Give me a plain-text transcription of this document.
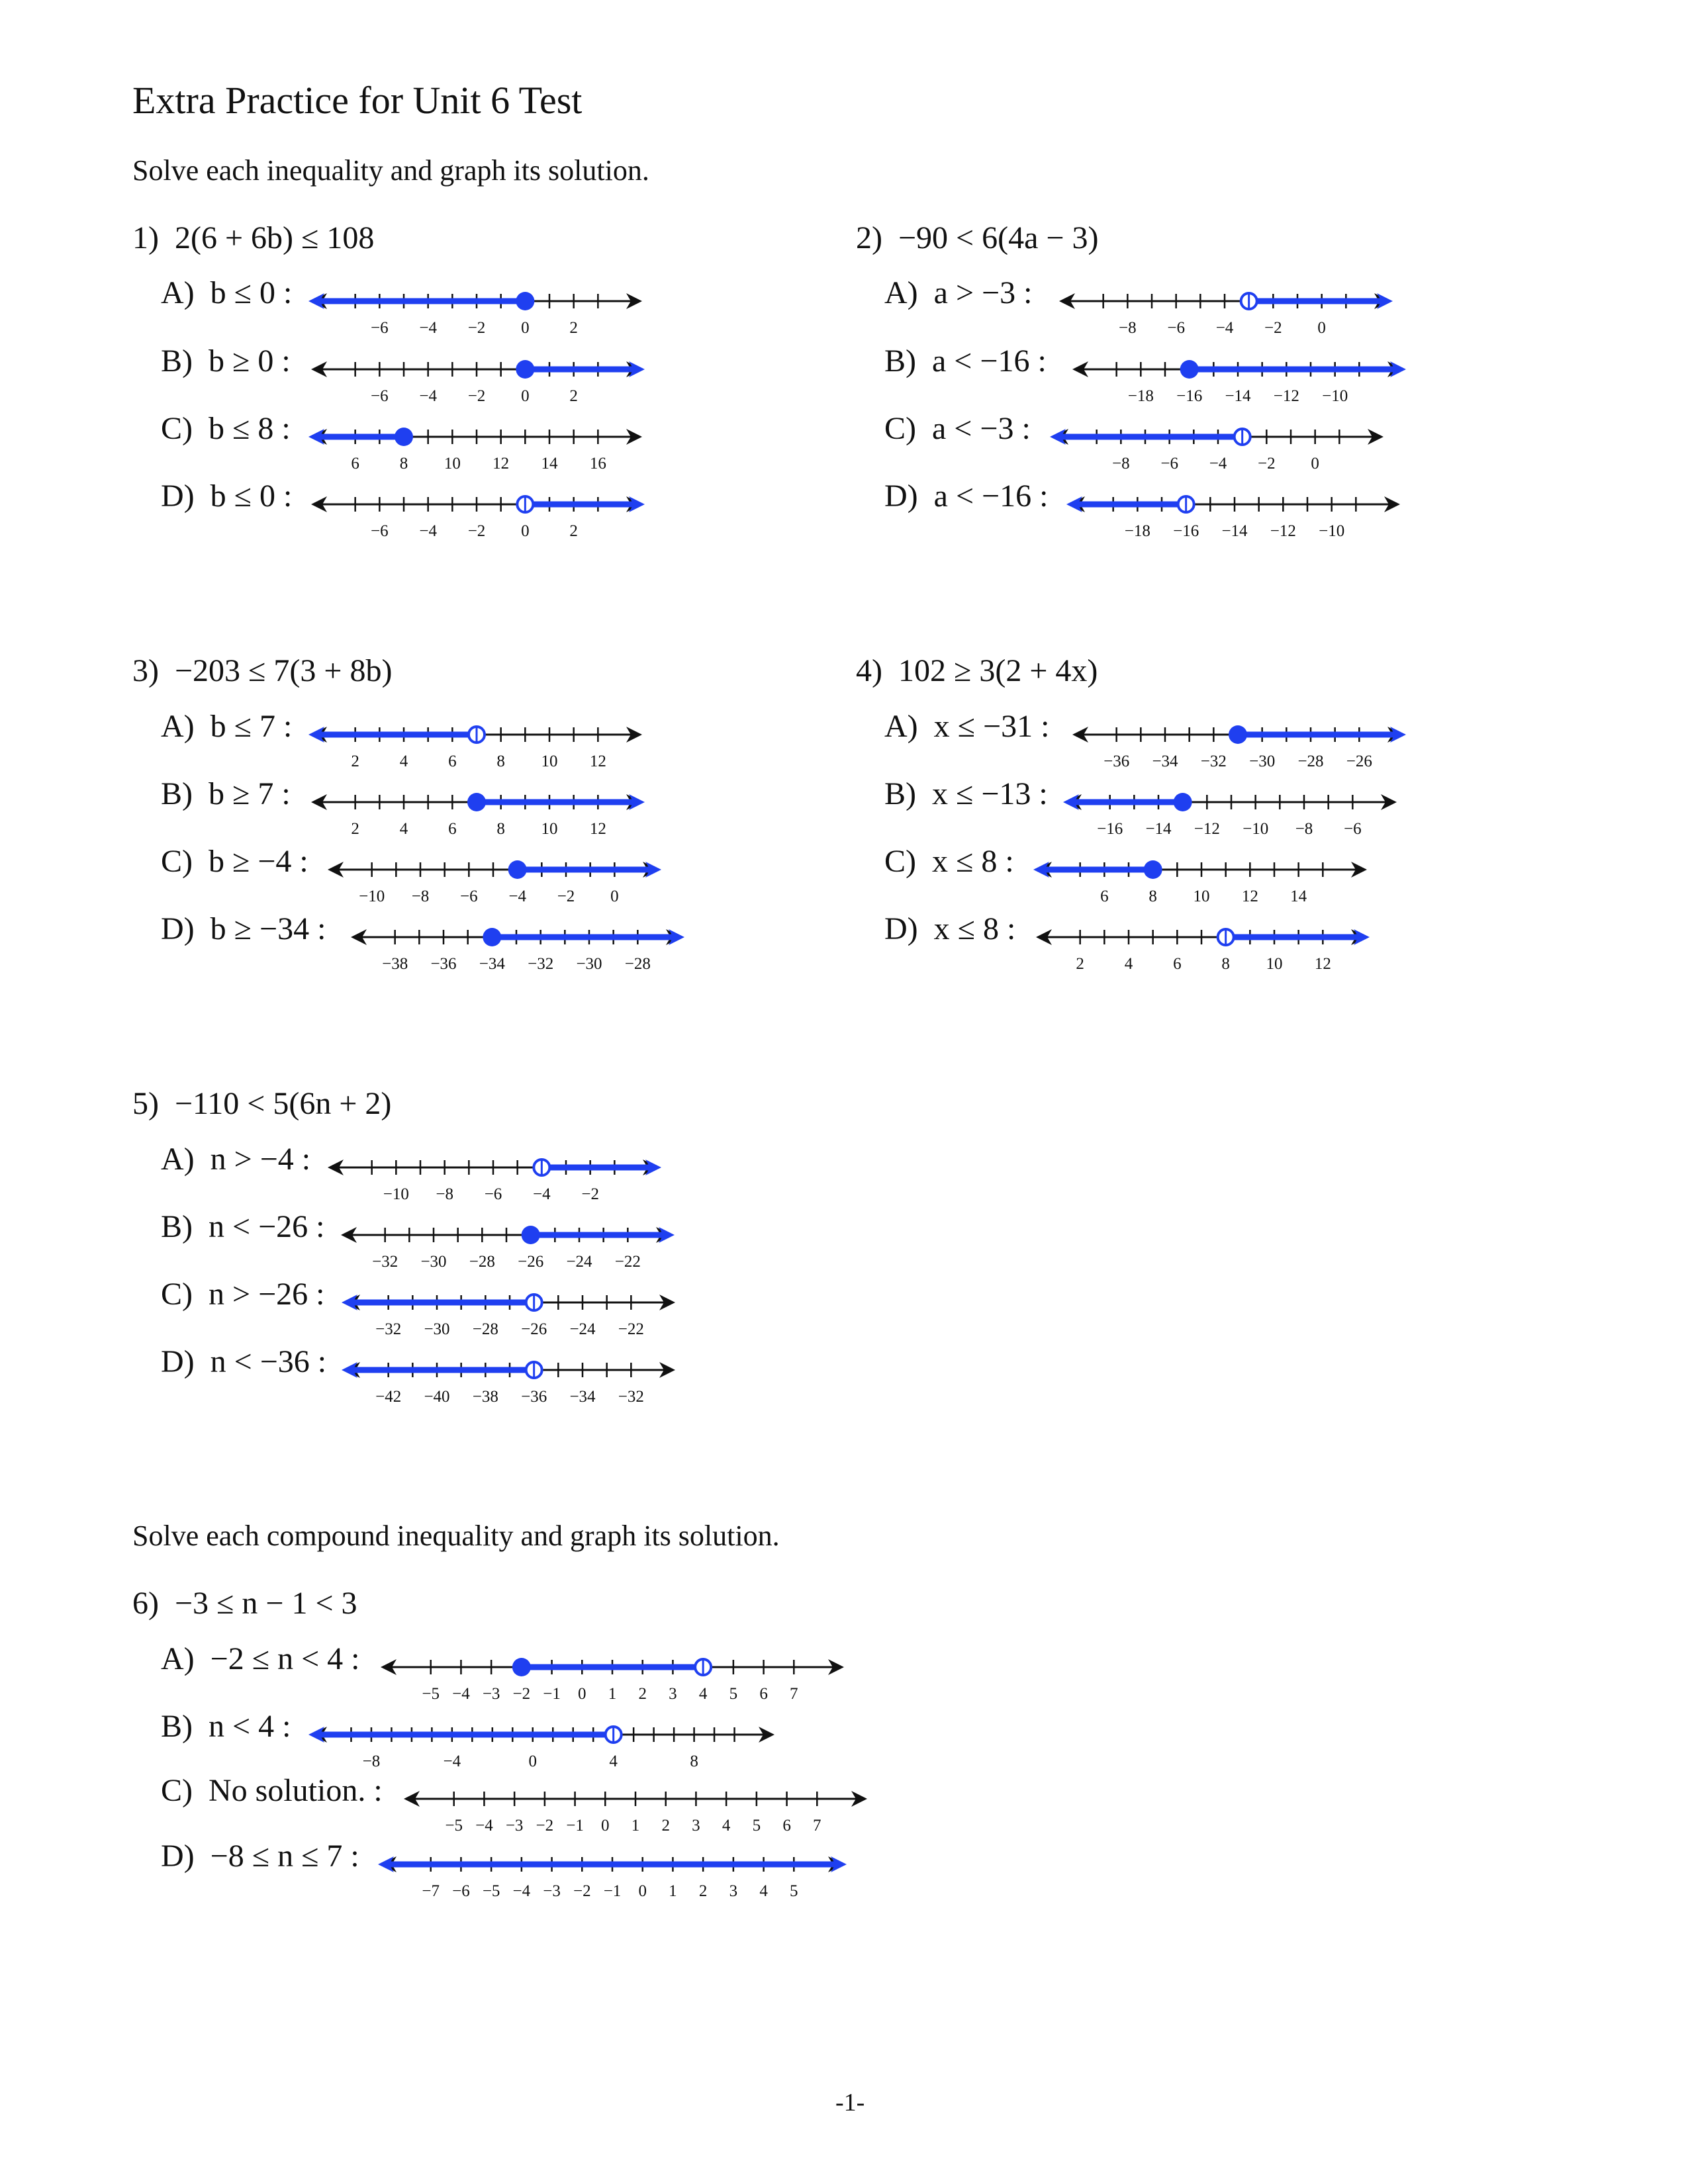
Extra Practice for Unit 6 Test
Solve each inequality and graph its solution.
1) 2(6 + 6b) ≤ 108
A) b ≤ 0 :
B) b ≥ 0 :
C) b ≤ 8 :
D) b ≤ 0 :
2) −90 < 6(4a − 3)
A) a > −3 :
B) a < −16 :
C) a < −3 :
D) a < −16 :
3) −203 ≤ 7(3 + 8b)
A) b ≤ 7 :
B) b ≥ 7 :
C) b ≥ −4 :
D) b ≥ −34 :
4) 102 ≥ 3(2 + 4x)
A) x ≤ −31 :
B) x ≤ −13 :
C) x ≤ 8 :
D) x ≤ 8 :
5) −110 < 5(6n + 2)
A) n > −4 :
B) n < −26 :
C) n > −26 :
D) n < −36 :
Solve each compound inequality and graph its solution.
6) −3 ≤ n − 1 < 3
A) −2 ≤ n < 4 :
B) n < 4 :
C) No solution. :
D) −8 ≤ n ≤ 7 :
−6 −4 −2 0 2
−6 −4 −2 0 2
6 8 10 12 14 16
−6 −4 −2 0 2
−8 −6 −4 −2 0
−18 −16 −14 −12 −10
−8 −6 −4 −2 0
−18 −16 −14 −12 −10
2 4 6 8 10 12
2 4 6 8 10 12
−10 −8 −6 −4 −2 0
−38 −36 −34 −32 −30 −28
−36 −34 −32 −30 −28 −26
−16 −14 −12 −10 −8 −6
6 8 10 12 14
2 4 6 8 10 12
−10 −8 −6 −4 −2
−32 −30 −28 −26 −24 −22
−32 −30 −28 −26 −24 −22
−42 −40 −38 −36 −34 −32
−5 −4 −3 −2 −1 0 1 2 3 4 5 6 7
−8	−4	0	4	8
−5 −4 −3 −2 −1 0 1 2 3 4 5 6 7
−7 −6 −5 −4 −3 −2 −1 0 1 2 3 4 5
-1-
